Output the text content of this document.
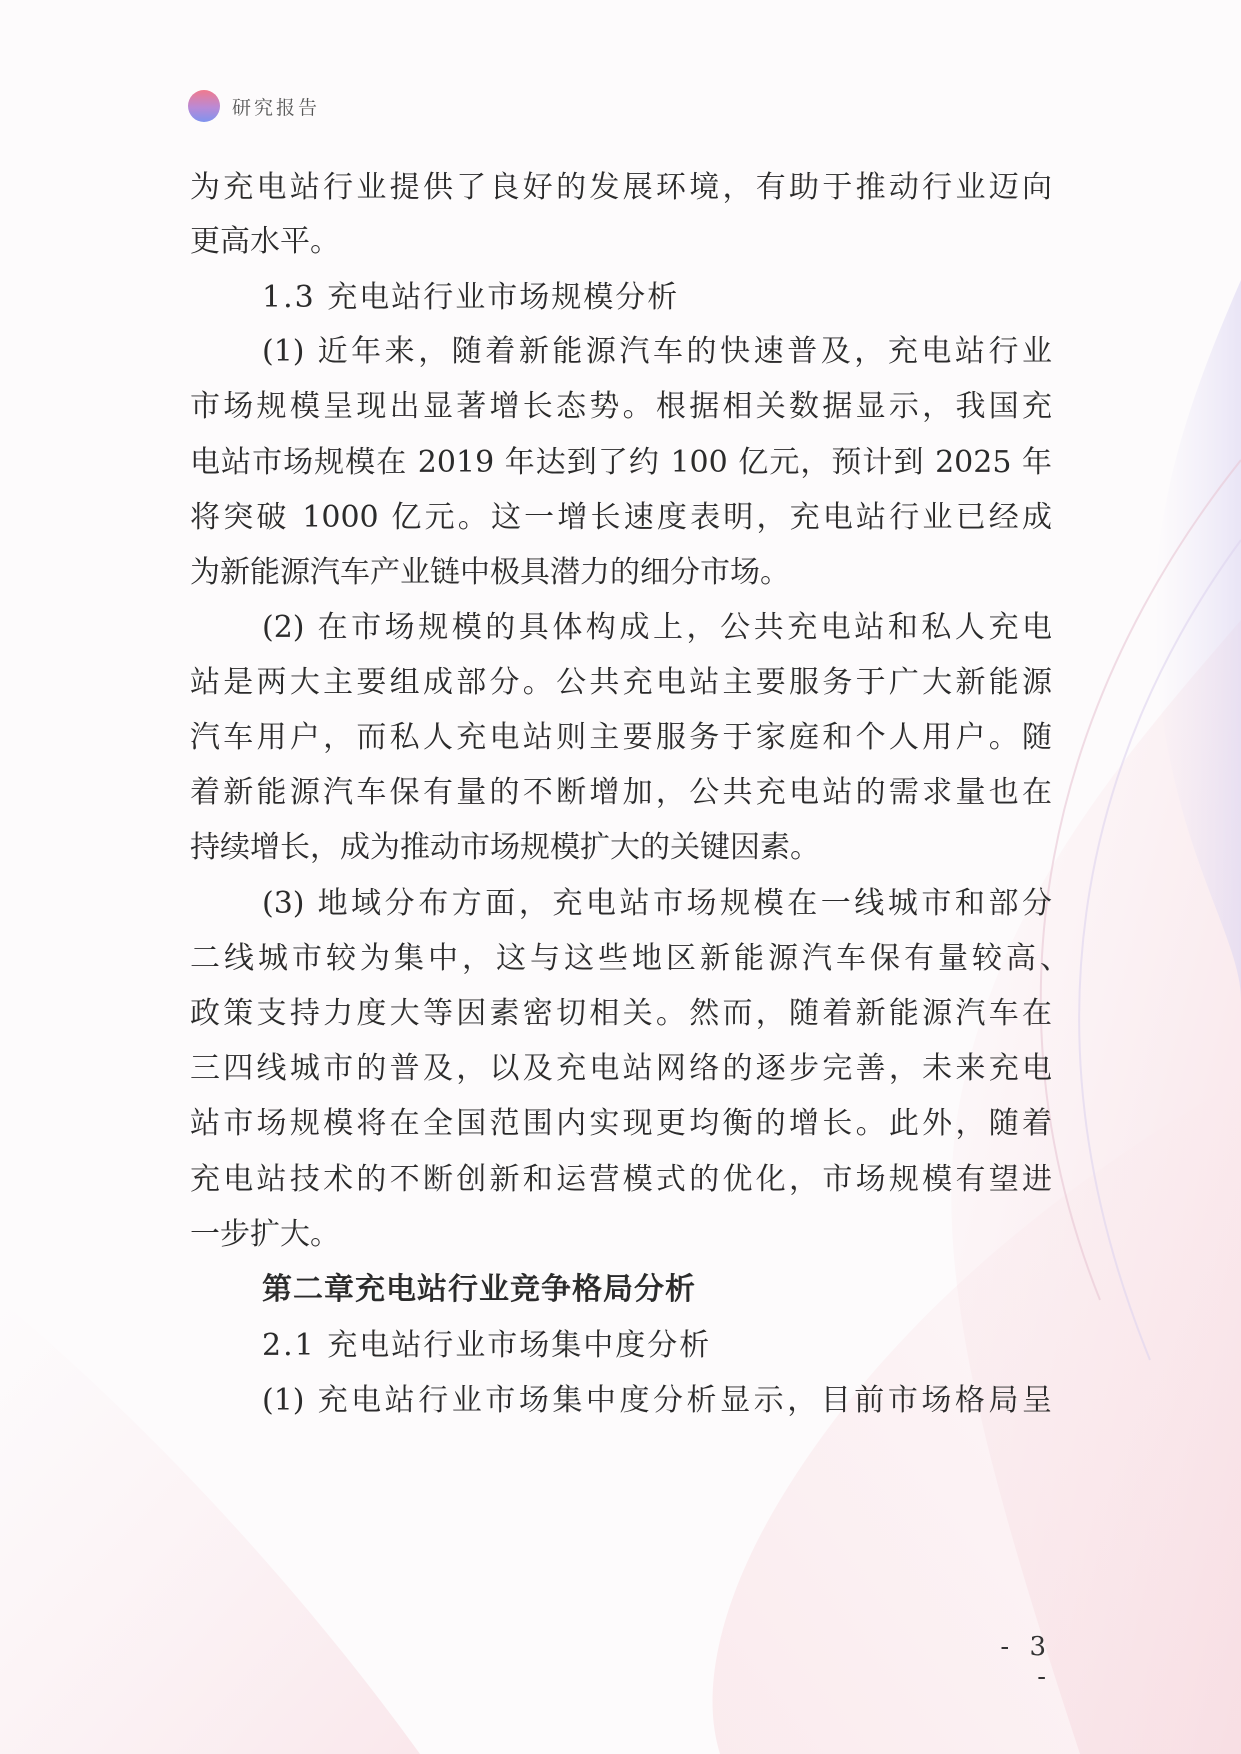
研究报告
为充电站行业提供了良好的发展环境，有助于推动行业迈向
更高水平。
1.3 充电站行业市场规模分析
(1) 近年来，随着新能源汽车的快速普及，充电站行业
市场规模呈现出显著增长态势。根据相关数据显示，我国充
电站市场规模在 2019 年达到了约 100 亿元，预计到 2025 年
将突破 1000 亿元。这一增长速度表明，充电站行业已经成
为新能源汽车产业链中极具潜力的细分市场。
(2) 在市场规模的具体构成上，公共充电站和私人充电
站是两大主要组成部分。公共充电站主要服务于广大新能源
汽车用户，而私人充电站则主要服务于家庭和个人用户。随
着新能源汽车保有量的不断增加，公共充电站的需求量也在
持续增长，成为推动市场规模扩大的关键因素。
(3) 地域分布方面，充电站市场规模在一线城市和部分
二线城市较为集中，这与这些地区新能源汽车保有量较高、
政策支持力度大等因素密切相关。然而，随着新能源汽车在
三四线城市的普及，以及充电站网络的逐步完善，未来充电
站市场规模将在全国范围内实现更均衡的增长。此外，随着
充电站技术的不断创新和运营模式的优化，市场规模有望进
一步扩大。
第二章充电站行业竞争格局分析
2.1 充电站行业市场集中度分析
(1) 充电站行业市场集中度分析显示，目前市场格局呈
- 3 -
